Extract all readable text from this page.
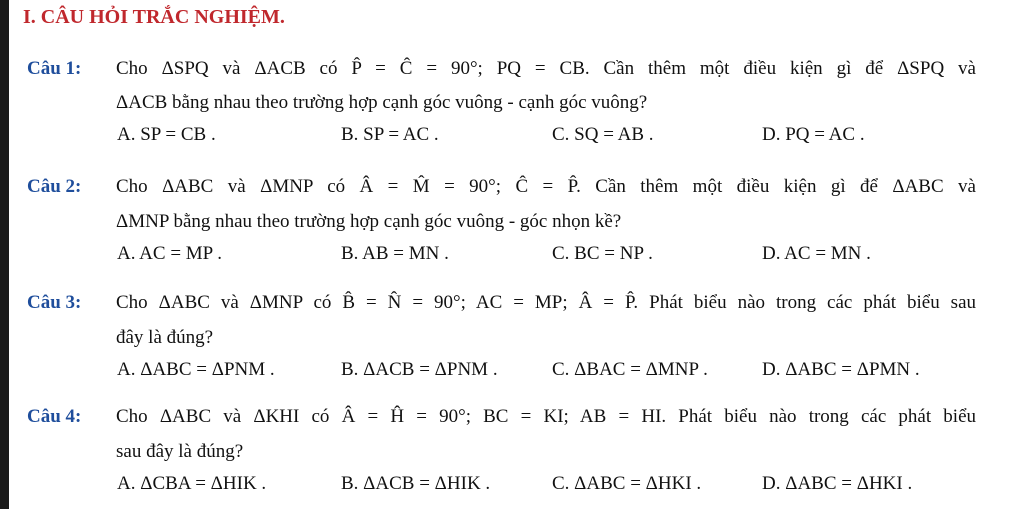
I. CÂU HỎI TRẮC NGHIỆM.
Câu 1: Cho ΔSPQ và ΔACB có P̂ = Ĉ = 90°; PQ = CB. Cần thêm một điều kiện gì để ΔSPQ và
ΔACB bằng nhau theo trường hợp cạnh góc vuông - cạnh góc vuông?
A. SP = CB .	B. SP = AC .	C. SQ = AB .	D. PQ = AC .
Câu 2: Cho ΔABC và ΔMNP có Â = M̂ = 90°; Ĉ = P̂. Cần thêm một điều kiện gì để ΔABC và
ΔMNP bằng nhau theo trường hợp cạnh góc vuông - góc nhọn kề?
A. AC = MP .	B. AB = MN .	C. BC = NP .	D. AC = MN .
Câu 3: Cho ΔABC và ΔMNP có B̂ = N̂ = 90°; AC = MP; Â = P̂. Phát biểu nào trong các phát biểu sau
đây là đúng?
A. ΔABC = ΔPNM .	B. ΔACB = ΔPNM .	C. ΔBAC = ΔMNP .	D. ΔABC = ΔPMN .
Câu 4: Cho ΔABC và ΔKHI có Â = Ĥ = 90°; BC = KI; AB = HI. Phát biểu nào trong các phát biểu
sau đây là đúng?
A. ΔCBA = ΔHIK .	B. ΔACB = ΔHIK .	C. ΔABC = ΔHKI .	D. ΔABC = ΔHKI .
